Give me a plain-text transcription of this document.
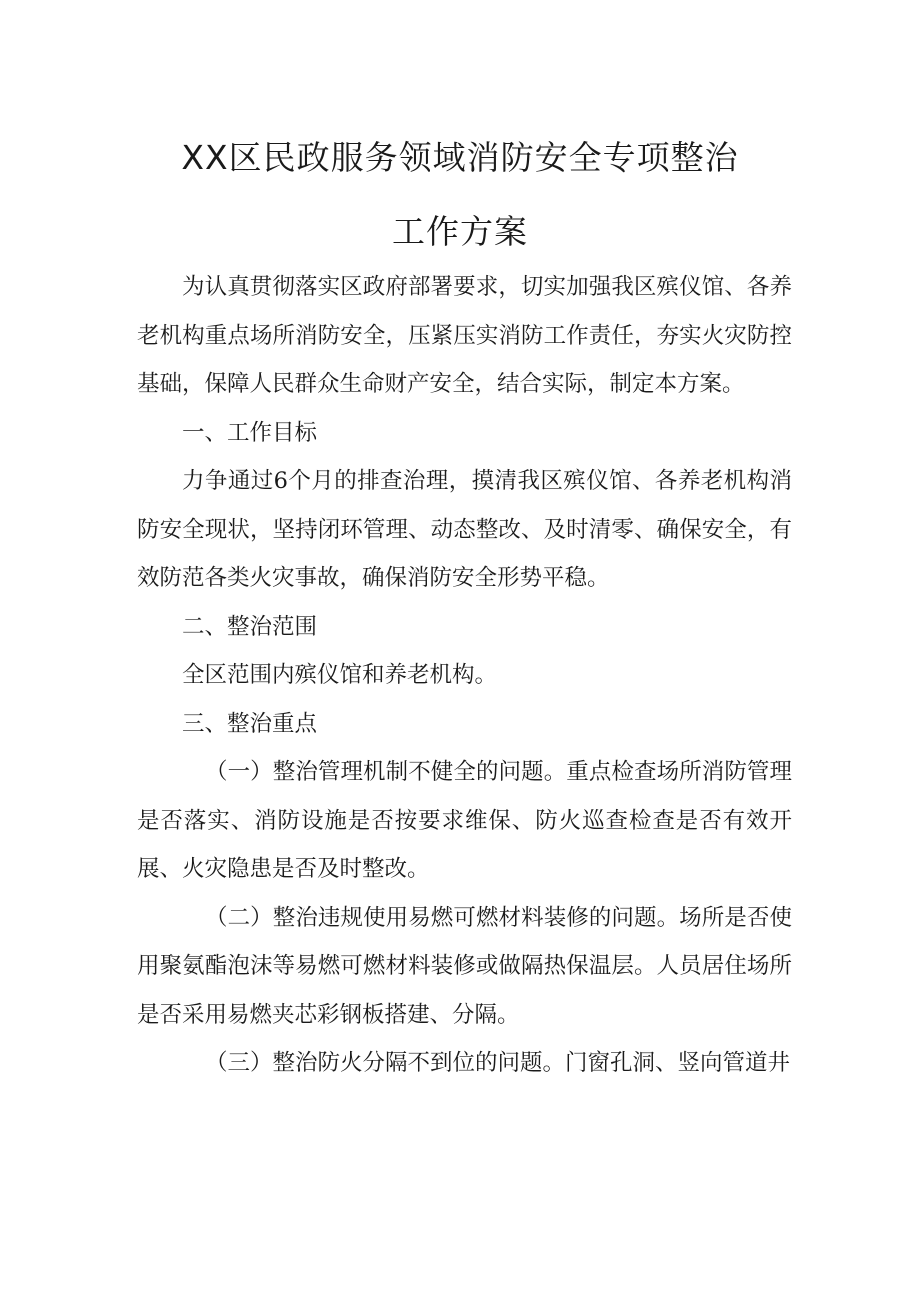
XX区民政服务领域消防安全专项整治
工作方案

为认真贯彻落实区政府部署要求，切实加强我区殡仪馆、各养老机构重点场所消防安全，压紧压实消防工作责任，夯实火灾防控基础，保障人民群众生命财产安全，结合实际，制定本方案。

一、工作目标

力争通过6个月的排查治理，摸清我区殡仪馆、各养老机构消防安全现状，坚持闭环管理、动态整改、及时清零、确保安全，有效防范各类火灾事故，确保消防安全形势平稳。

二、整治范围

全区范围内殡仪馆和养老机构。

三、整治重点

（一）整治管理机制不健全的问题。重点检查场所消防管理是否落实、消防设施是否按要求维保、防火巡查检查是否有效开展、火灾隐患是否及时整改。

（二）整治违规使用易燃可燃材料装修的问题。场所是否使用聚氨酯泡沫等易燃可燃材料装修或做隔热保温层。人员居住场所是否采用易燃夹芯彩钢板搭建、分隔。

（三）整治防火分隔不到位的问题。门窗孔洞、竖向管道井
